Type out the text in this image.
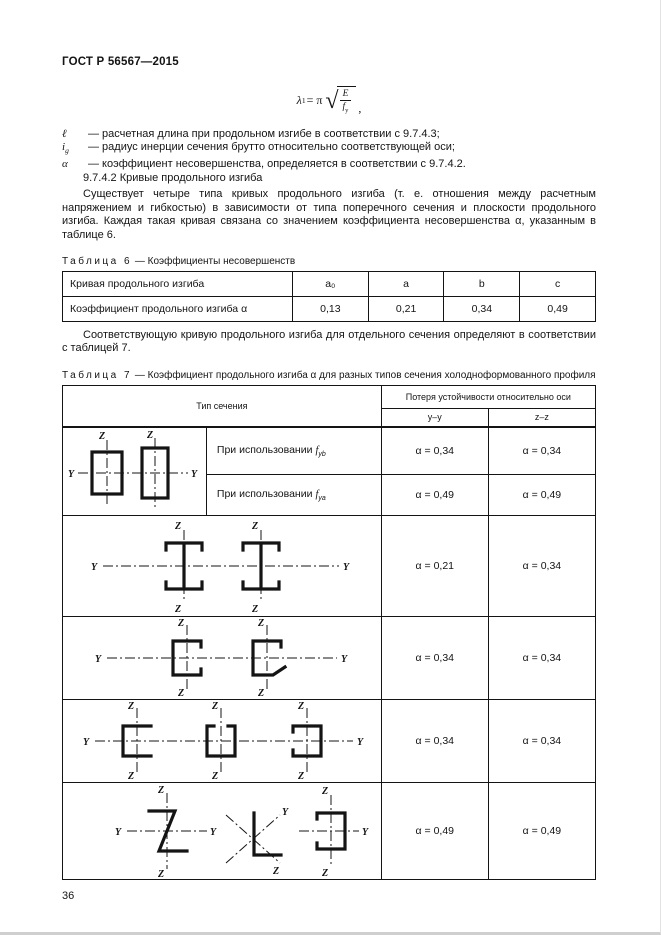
ГОСТ Р 56567—2015
λ 1 = π √
$\frac{E}{f_y}$ ,
ℓ	— расчетная длина при продольном изгибе в соответствии с 9.7.4.3;
$i_g$	— радиус инерции сечения брутто относительно соответствующей оси;
α	— коэффициент несовершенства, определяется в соответствии с 9.7.4.2.
9.7.4.2 Кривые продольного изгиба

Существует четыре типа кривых продольного изгиба (т. е. отношения между расчетным напряжением и гибкостью) в зависимости от типа поперечного сечения и плоскости продольного изгиба. Каждая такая кривая связана со значением коэффициента несовершенства α, указанным в таблице 6.

Таблица 6 — Коэффициенты несовершенств
Кривая продольного изгиба	a₀	a	b	c
Коэффициент продольного изгиба α	0,13	0,21	0,34	0,49

Соответствующую кривую продольного изгиба для отдельного сечения определяют в соответствии с таблицей 7.

Таблица 7 — Коэффициент продольного изгиба α для разных типов сечения холодноформованного профиля
Тип сечения		Потеря устойчивости относительно оси	
		y–y	z–z

Y Y
Z Z	При использовании $f_{yb}$	α = 0,34	α = 0,34
	При использовании $f_{ya}$	α = 0,49	α = 0,49

Y	Y
Z
Z
Z
Z
	α = 0,21	α = 0,34

Y	Y
Z
Z
Z
Z
	α = 0,34	α = 0,34

Y	Y
Z
Z
Z
Z
Z
Z
	α = 0,34	α = 0,34

Y	Y
Z
Z
Y
Z
Y
Z
Z
	α = 0,49	α = 0,49
36
